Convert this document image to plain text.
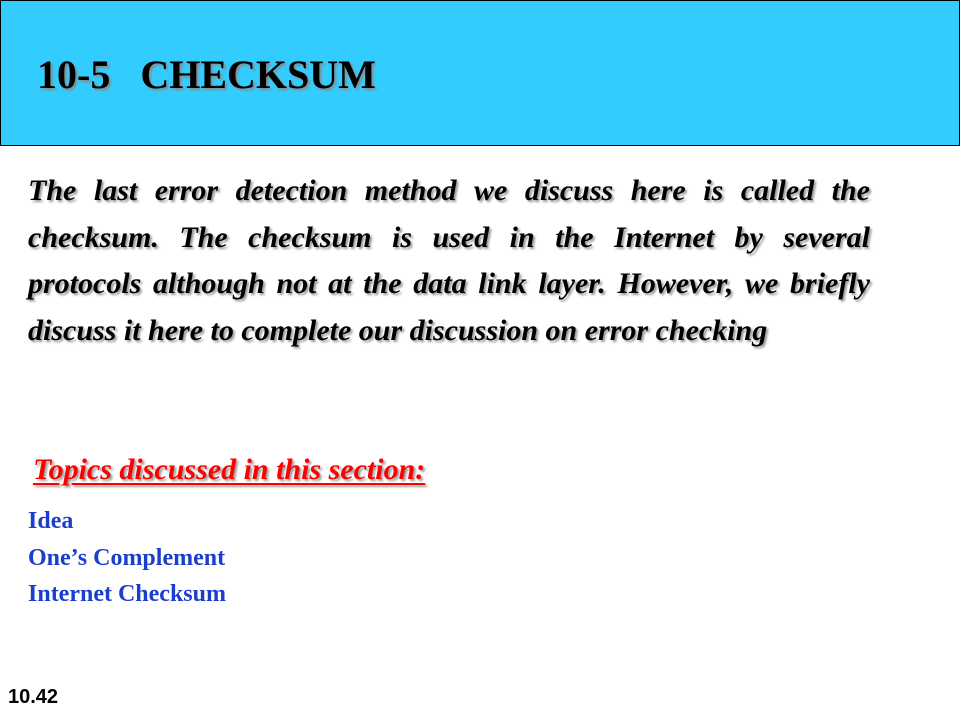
10-5   CHECKSUM

The last error detection method we discuss here is called the checksum. The checksum is used in the Internet by several protocols although not at the data link layer. However, we briefly discuss it here to complete our discussion on error checking

Topics discussed in this section:
Idea
One’s Complement
Internet Checksum
10.42
